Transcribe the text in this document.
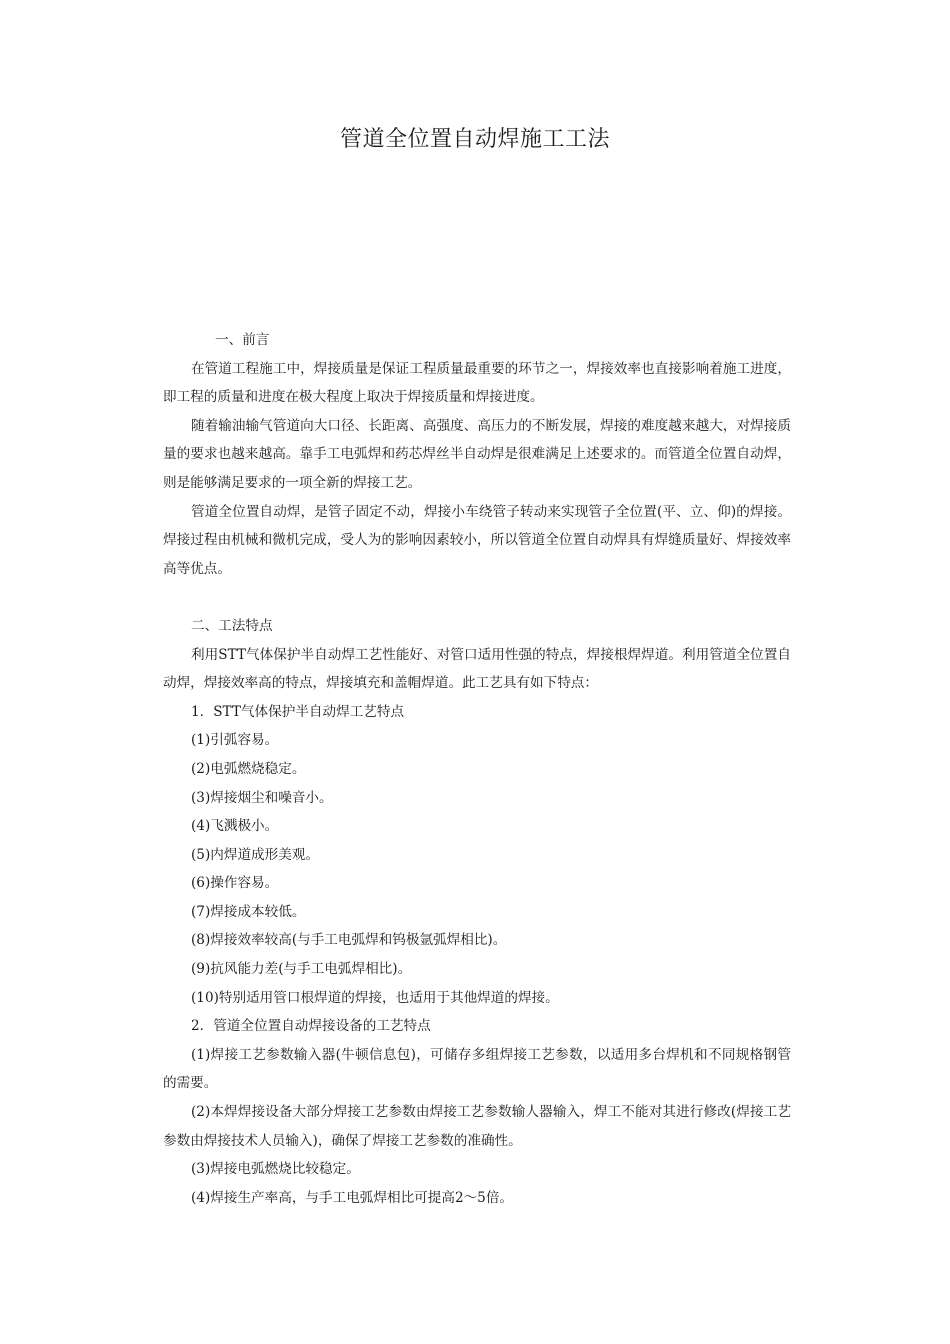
管道全位置自动焊施工工法

一、前言

在管道工程施工中，焊接质量是保证工程质量最重要的环节之一，焊接效率也直接影响着施工进度，即工程的质量和进度在极大程度上取决于焊接质量和焊接进度。

随着输油输气管道向大口径、长距离、高强度、高压力的不断发展，焊接的难度越来越大，对焊接质量的要求也越来越高。靠手工电弧焊和药芯焊丝半自动焊是很难满足上述要求的。而管道全位置自动焊，则是能够满足要求的一项全新的焊接工艺。

管道全位置自动焊，是管子固定不动，焊接小车绕管子转动来实现管子全位置(平、立、仰)的焊接。焊接过程由机械和微机完成，受人为的影响因素较小，所以管道全位置自动焊具有焊缝质量好、焊接效率高等优点。

二、工法特点

利用STT气体保护半自动焊工艺性能好、对管口适用性强的特点，焊接根焊焊道。利用管道全位置自动焊，焊接效率高的特点，焊接填充和盖帽焊道。此工艺具有如下特点：

1．STT气体保护半自动焊工艺特点

(1)引弧容易。

(2)电弧燃烧稳定。

(3)焊接烟尘和噪音小。

(4)飞溅极小。

(5)内焊道成形美观。

(6)操作容易。

(7)焊接成本较低。

(8)焊接效率较高(与手工电弧焊和钨极氩弧焊相比)。

(9)抗风能力差(与手工电弧焊相比)。

(10)特别适用管口根焊道的焊接，也适用于其他焊道的焊接。

2．管道全位置自动焊接设备的工艺特点

(1)焊接工艺参数输入器(牛顿信息包)，可储存多组焊接工艺参数，以适用多台焊机和不同规格钢管的需要。

(2)本焊焊接设备大部分焊接工艺参数由焊接工艺参数输人器输入，焊工不能对其进行修改(焊接工艺参数由焊接技术人员输入)，确保了焊接工艺参数的准确性。

(3)焊接电弧燃烧比较稳定。

(4)焊接生产率高，与手工电弧焊相比可提高2～5倍。
